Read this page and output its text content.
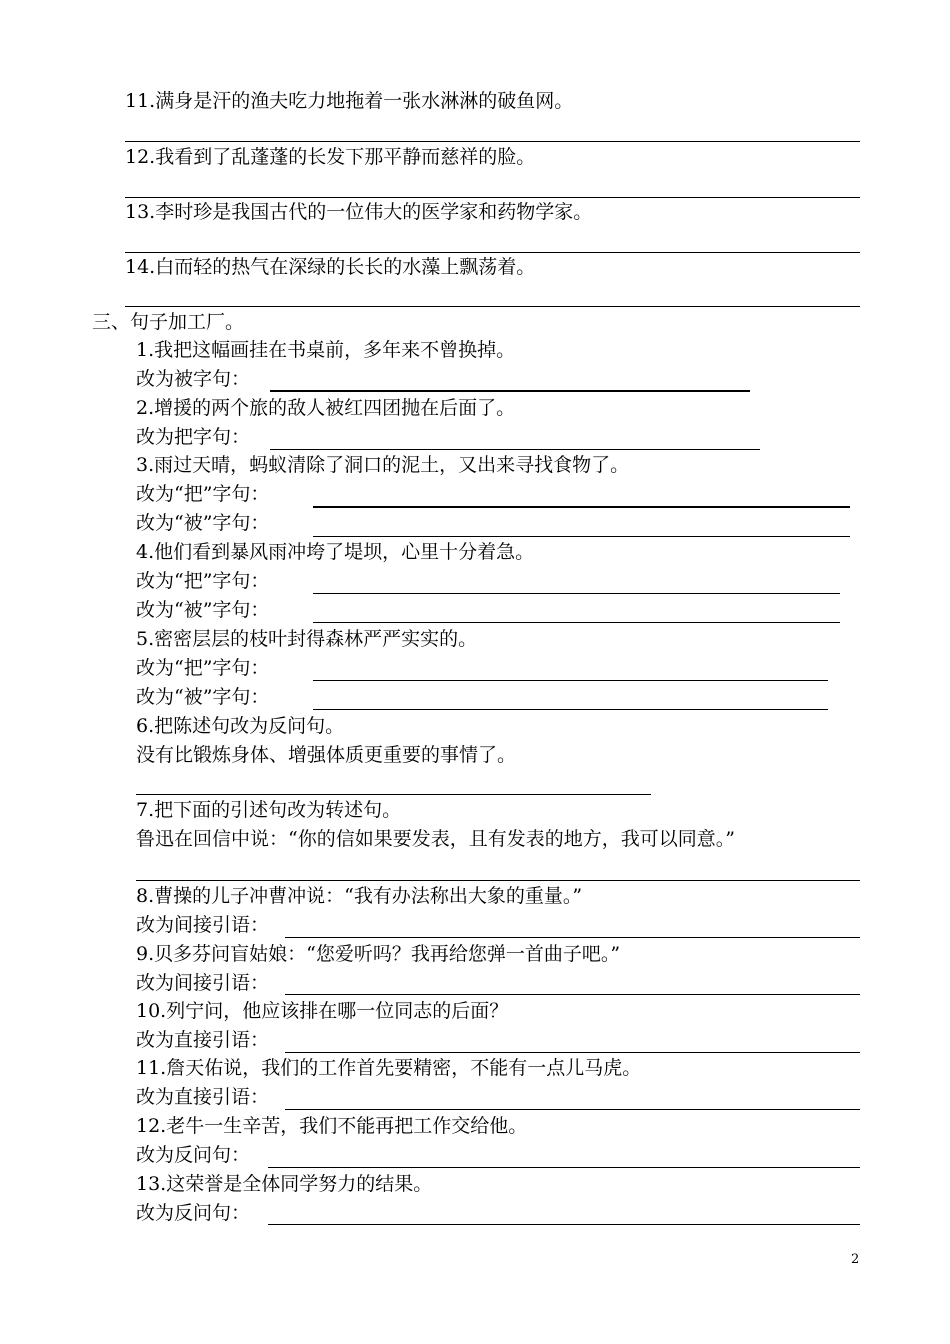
11.满身是汗的渔夫吃力地拖着一张水淋淋的破鱼网。
12.我看到了乱蓬蓬的长发下那平静而慈祥的脸。
13.李时珍是我国古代的一位伟大的医学家和药物学家。
14.白而轻的热气在深绿的长长的水藻上飘荡着。
三、句子加工厂。
1.我把这幅画挂在书桌前，多年来不曾换掉。
改为被字句：
2.增援的两个旅的敌人被红四团抛在后面了。
改为把字句：
3.雨过天晴，蚂蚁清除了洞口的泥土，又出来寻找食物了。
改为“把”字句：
改为“被”字句：
4.他们看到暴风雨冲垮了堤坝，心里十分着急。
改为“把”字句：
改为“被”字句：
5.密密层层的枝叶封得森林严严实实的。
改为“把”字句：
改为“被”字句：
6.把陈述句改为反问句。
没有比锻炼身体、增强体质更重要的事情了。
7.把下面的引述句改为转述句。
鲁迅在回信中说：“你的信如果要发表，且有发表的地方，我可以同意。”
8.曹操的儿子冲曹冲说：“我有办法称出大象的重量。”
改为间接引语：
9.贝多芬问盲姑娘：“您爱听吗？我再给您弹一首曲子吧。”
改为间接引语：
10.列宁问，他应该排在哪一位同志的后面？
改为直接引语：
11.詹天佑说，我们的工作首先要精密，不能有一点儿马虎。
改为直接引语：
12.老牛一生辛苦，我们不能再把工作交给他。
改为反问句：
13.这荣誉是全体同学努力的结果。
改为反问句：
2
